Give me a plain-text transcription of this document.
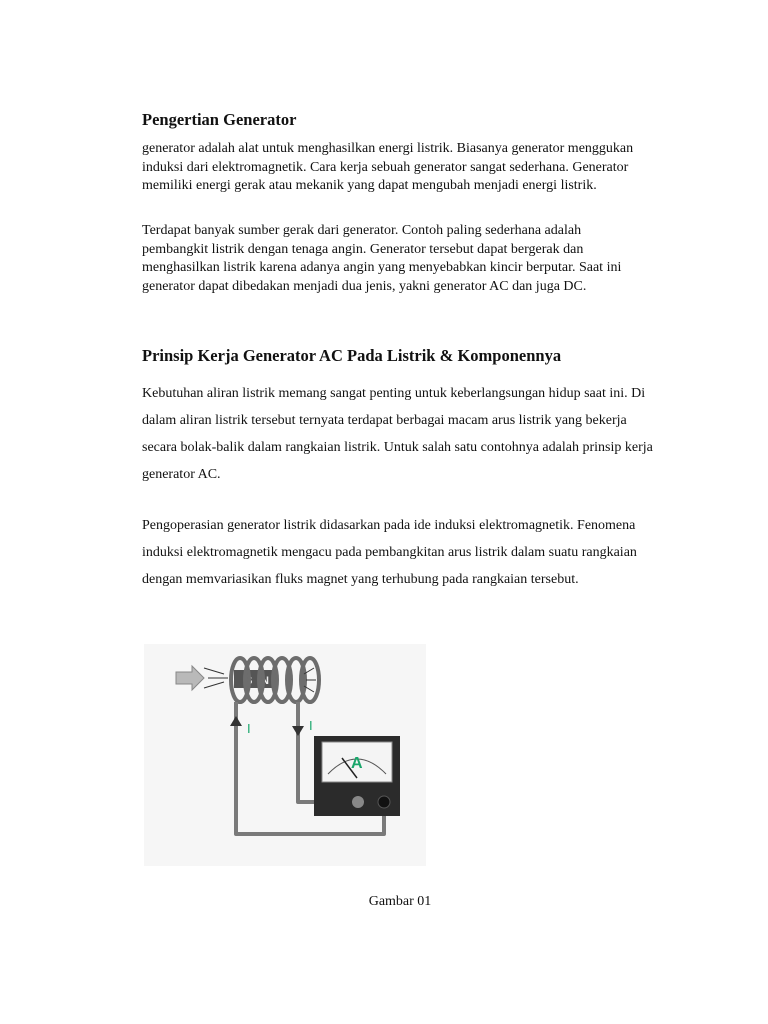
Pengertian Generator

generator adalah alat untuk menghasilkan energi listrik. Biasanya generator menggukan induksi dari elektromagnetik. Cara kerja sebuah generator sangat sederhana. Generator memiliki energi gerak atau mekanik yang dapat mengubah menjadi energi listrik.

Terdapat banyak sumber gerak dari generator. Contoh paling sederhana adalah pembangkit listrik dengan tenaga angin. Generator tersebut dapat bergerak dan menghasilkan listrik karena adanya angin yang menyebabkan kincir berputar. Saat ini generator dapat dibedakan menjadi dua jenis, yakni generator AC dan juga DC.

Prinsip Kerja Generator AC Pada Listrik & Komponennya

Kebutuhan aliran listrik memang sangat penting untuk keberlangsungan hidup saat ini. Di dalam aliran listrik tersebut ternyata terdapat berbagai macam arus listrik yang bekerja secara bolak-balik dalam rangkaian listrik. Untuk salah satu contohnya adalah prinsip kerja generator AC.

Pengoperasian generator listrik didasarkan pada ide induksi elektromagnetik. Fenomena induksi elektromagnetik mengacu pada pembangkitan arus listrik dalam suatu rangkaian dengan memvariasikan fluks magnet yang terhubung pada rangkaian tersebut.

S N
I	I
A
Gambar 01
